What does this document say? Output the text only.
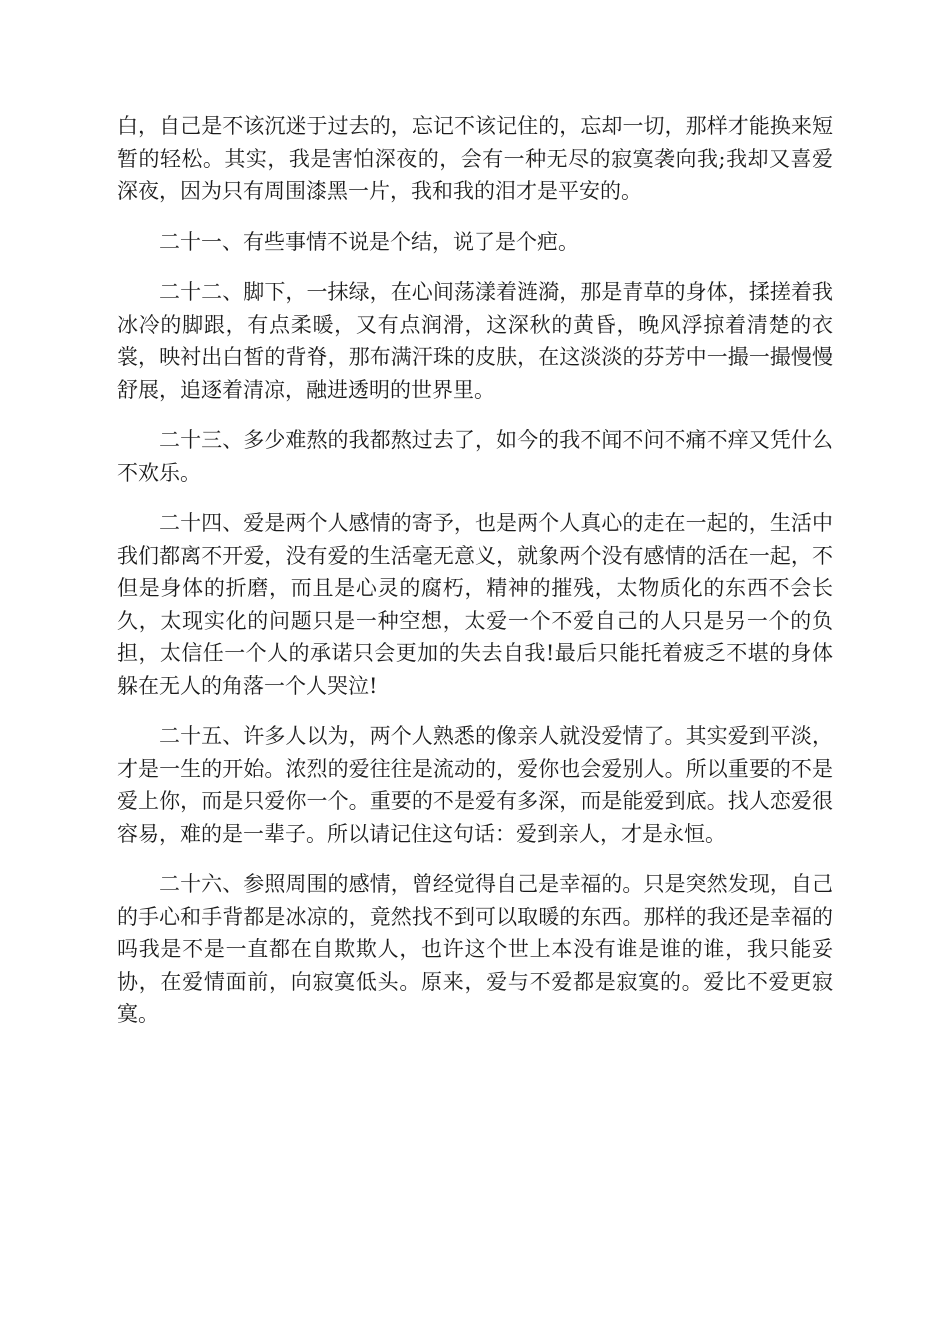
白，自己是不该沉迷于过去的，忘记不该记住的，忘却一切，那样才能换来短暂的轻松。其实，我是害怕深夜的，会有一种无尽的寂寞袭向我;我却又喜爱深夜，因为只有周围漆黑一片，我和我的泪才是平安的。

二十一、有些事情不说是个结，说了是个疤。

二十二、脚下，一抹绿，在心间荡漾着涟漪，那是青草的身体，揉搓着我冰冷的脚跟，有点柔暖，又有点润滑，这深秋的黄昏，晚风浮掠着清楚的衣裳，映衬出白皙的背脊，那布满汗珠的皮肤，在这淡淡的芬芳中一撮一撮慢慢舒展，追逐着清凉，融进透明的世界里。

二十三、多少难熬的我都熬过去了，如今的我不闻不问不痛不痒又凭什么不欢乐。

二十四、爱是两个人感情的寄予，也是两个人真心的走在一起的，生活中我们都离不开爱，没有爱的生活毫无意义，就象两个没有感情的活在一起，不但是身体的折磨，而且是心灵的腐朽，精神的摧残，太物质化的东西不会长久，太现实化的问题只是一种空想，太爱一个不爱自己的人只是另一个的负担，太信任一个人的承诺只会更加的失去自我!最后只能托着疲乏不堪的身体躲在无人的角落一个人哭泣!

二十五、许多人以为，两个人熟悉的像亲人就没爱情了。其实爱到平淡，才是一生的开始。浓烈的爱往往是流动的，爱你也会爱别人。所以重要的不是爱上你，而是只爱你一个。重要的不是爱有多深，而是能爱到底。找人恋爱很容易，难的是一辈子。所以请记住这句话：爱到亲人，才是永恒。

二十六、参照周围的感情，曾经觉得自己是幸福的。只是突然发现，自己的手心和手背都是冰凉的，竟然找不到可以取暖的东西。那样的我还是幸福的吗我是不是一直都在自欺欺人，也许这个世上本没有谁是谁的谁，我只能妥协，在爱情面前，向寂寞低头。原来，爱与不爱都是寂寞的。爱比不爱更寂寞。
